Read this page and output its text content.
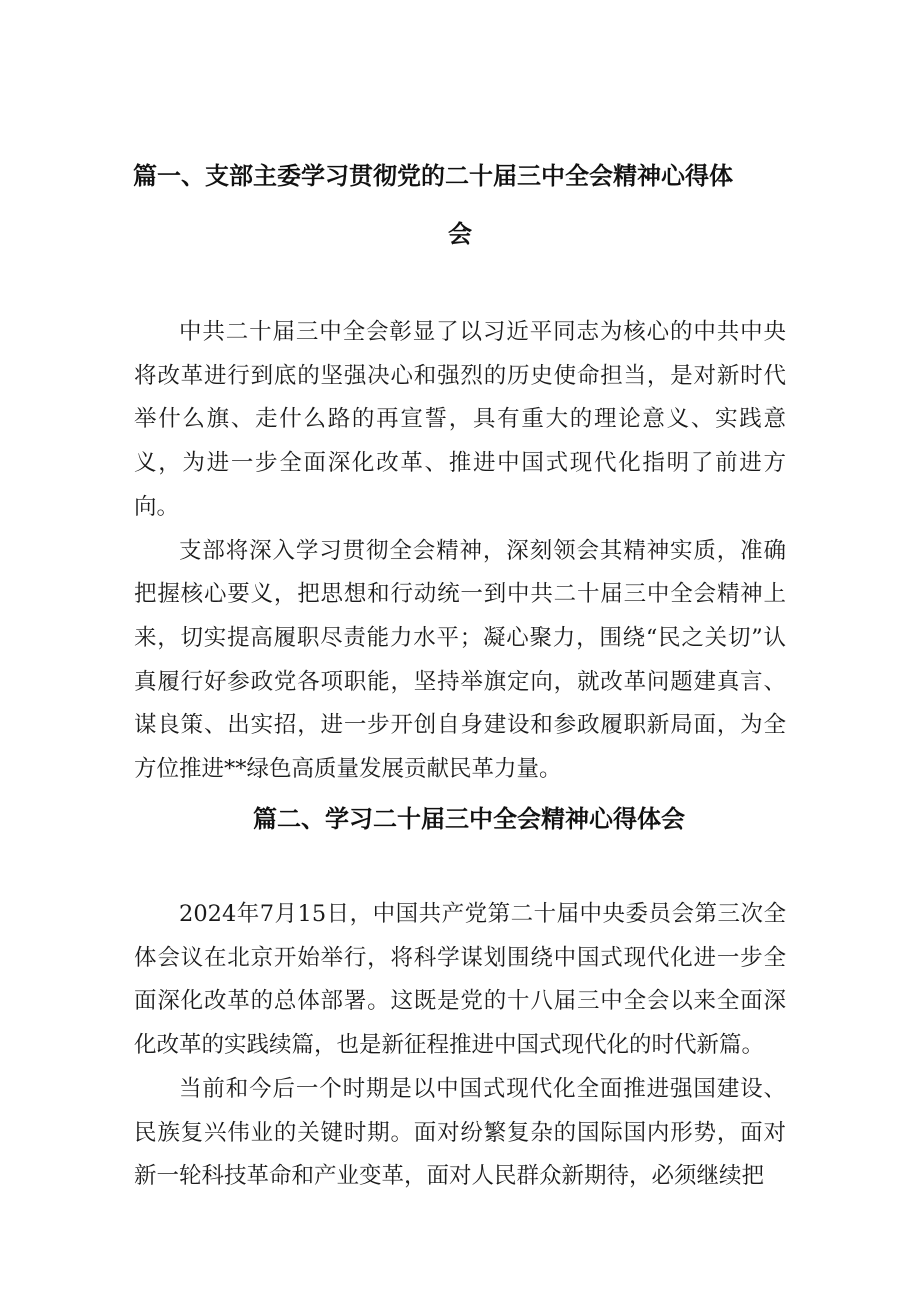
篇一、支部主委学习贯彻党的二十届三中全会精神心得体
会

中共二十届三中全会彰显了以习近平同志为核心的中共中央将改革进行到底的坚强决心和强烈的历史使命担当，是对新时代举什么旗、走什么路的再宣誓，具有重大的理论意义、实践意义，为进一步全面深化改革、推进中国式现代化指明了前进方向。

支部将深入学习贯彻全会精神，深刻领会其精神实质，准确把握核心要义，把思想和行动统一到中共二十届三中全会精神上来，切实提高履职尽责能力水平；凝心聚力，围绕“民之关切”认真履行好参政党各项职能，坚持举旗定向，就改革问题建真言、谋良策、出实招，进一步开创自身建设和参政履职新局面，为全方位推进**绿色高质量发展贡献民革力量。

篇二、学习二十届三中全会精神心得体会

2024年7月15日，中国共产党第二十届中央委员会第三次全体会议在北京开始举行，将科学谋划围绕中国式现代化进一步全面深化改革的总体部署。这既是党的十八届三中全会以来全面深化改革的实践续篇，也是新征程推进中国式现代化的时代新篇。

当前和今后一个时期是以中国式现代化全面推进强国建设、民族复兴伟业的关键时期。面对纷繁复杂的国际国内形势，面对新一轮科技革命和产业变革，面对人民群众新期待，必须继续把
